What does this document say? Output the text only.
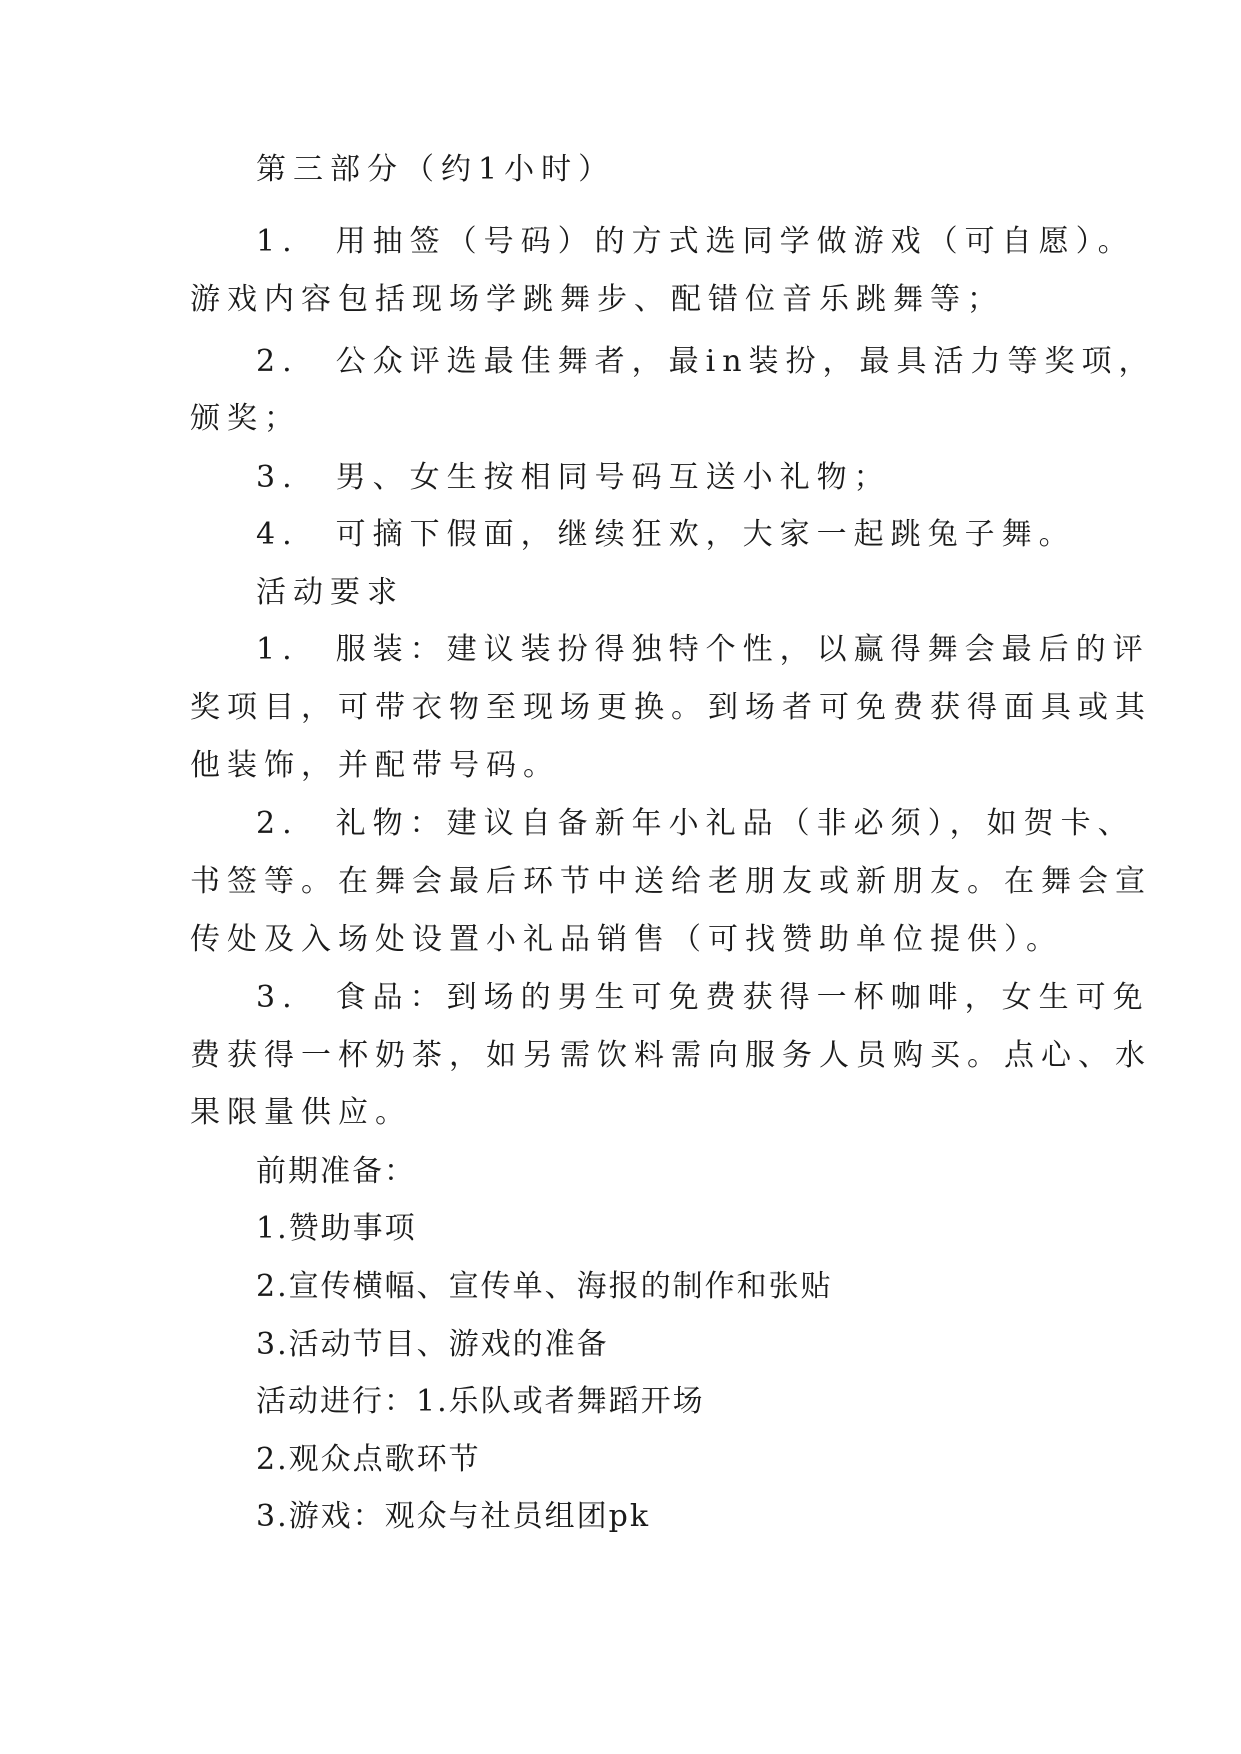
第三部分（约1小时）
1.　用抽签（号码）的方式选同学做游戏（可自愿）。
游戏内容包括现场学跳舞步、配错位音乐跳舞等；
2.　公众评选最佳舞者，最in装扮，最具活力等奖项，
颁奖；
3.　男、女生按相同号码互送小礼物；
4.　可摘下假面，继续狂欢，大家一起跳兔子舞。
活动要求
1.　服装：建议装扮得独特个性，以赢得舞会最后的评
奖项目，可带衣物至现场更换。到场者可免费获得面具或其
他装饰，并配带号码。
2.　礼物：建议自备新年小礼品（非必须），如贺卡、
书签等。在舞会最后环节中送给老朋友或新朋友。在舞会宣
传处及入场处设置小礼品销售（可找赞助单位提供）。
3.　食品：到场的男生可免费获得一杯咖啡，女生可免
费获得一杯奶茶，如另需饮料需向服务人员购买。点心、水
果限量供应。
前期准备：
1.赞助事项
2.宣传横幅、宣传单、海报的制作和张贴
3.活动节目、游戏的准备
活动进行：1.乐队或者舞蹈开场
2.观众点歌环节
3.游戏：观众与社员组团pk
